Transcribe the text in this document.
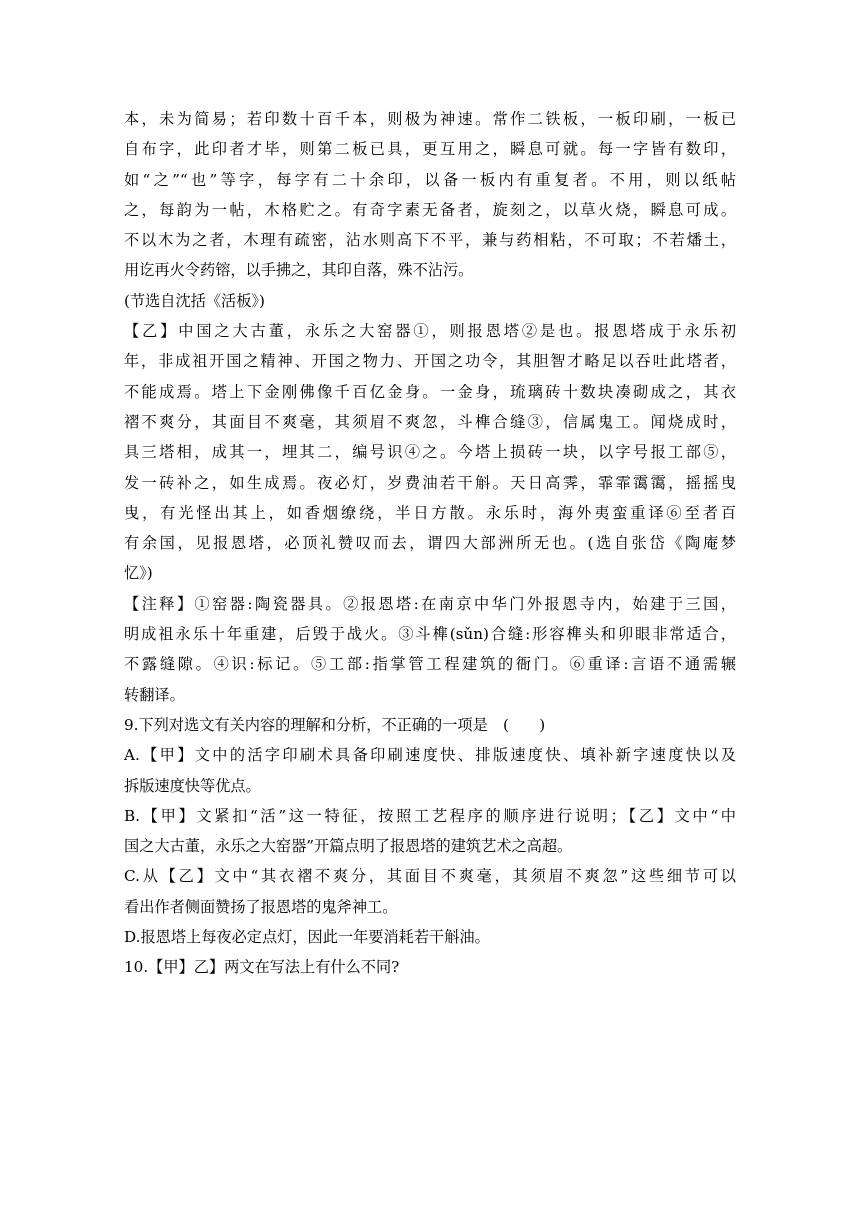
本，未为简易；若印数十百千本，则极为神速。常作二铁板，一板印刷，一板已
自布字，此印者才毕，则第二板已具，更互用之，瞬息可就。每一字皆有数印，
如“之”“也”等字，每字有二十余印，以备一板内有重复者。不用，则以纸帖
之，每韵为一帖，木格贮之。有奇字素无备者，旋刻之，以草火烧，瞬息可成。
不以木为之者，木理有疏密，沾水则高下不平，兼与药相粘，不可取；不若燔土，
用讫再火令药镕，以手拂之，其印自落，殊不沾污。
(节选自沈括《活板》)
【乙】中国之大古董，永乐之大窑器①，则报恩塔②是也。报恩塔成于永乐初
年，非成祖开国之精神、开国之物力、开国之功令，其胆智才略足以吞吐此塔者，
不能成焉。塔上下金刚佛像千百亿金身。一金身，琉璃砖十数块凑砌成之，其衣
褶不爽分，其面目不爽毫，其须眉不爽忽，斗榫合缝③，信属鬼工。闻烧成时，
具三塔相，成其一，埋其二，编号识④之。今塔上损砖一块，以字号报工部⑤，
发一砖补之，如生成焉。夜必灯，岁费油若干斛。天日高霁，霏霏霭霭，摇摇曳
曳，有光怪出其上，如香烟缭绕，半日方散。永乐时，海外夷蛮重译⑥至者百
有余国，见报恩塔，必顶礼赞叹而去，谓四大部洲所无也。(选自张岱《陶庵梦
忆》)
【注释】①窑器:陶瓷器具。②报恩塔:在南京中华门外报恩寺内，始建于三国，
明成祖永乐十年重建，后毁于战火。③斗榫(sǔn)合缝:形容榫头和卯眼非常适合，
不露缝隙。④识:标记。⑤工部:指掌管工程建筑的衙门。⑥重译:言语不通需辗
转翻译。
9.下列对选文有关内容的理解和分析，不正确的一项是　(　　)
A.【甲】文中的活字印刷术具备印刷速度快、排版速度快、填补新字速度快以及
拆版速度快等优点。
B.【甲】文紧扣“活”这一特征，按照工艺程序的顺序进行说明；【乙】文中“中
国之大古董，永乐之大窑器”开篇点明了报恩塔的建筑艺术之高超。
C.从【乙】文中“其衣褶不爽分，其面目不爽毫，其须眉不爽忽”这些细节可以
看出作者侧面赞扬了报恩塔的鬼斧神工。
D.报恩塔上每夜必定点灯，因此一年要消耗若干斛油。
10.【甲】乙】两文在写法上有什么不同?
